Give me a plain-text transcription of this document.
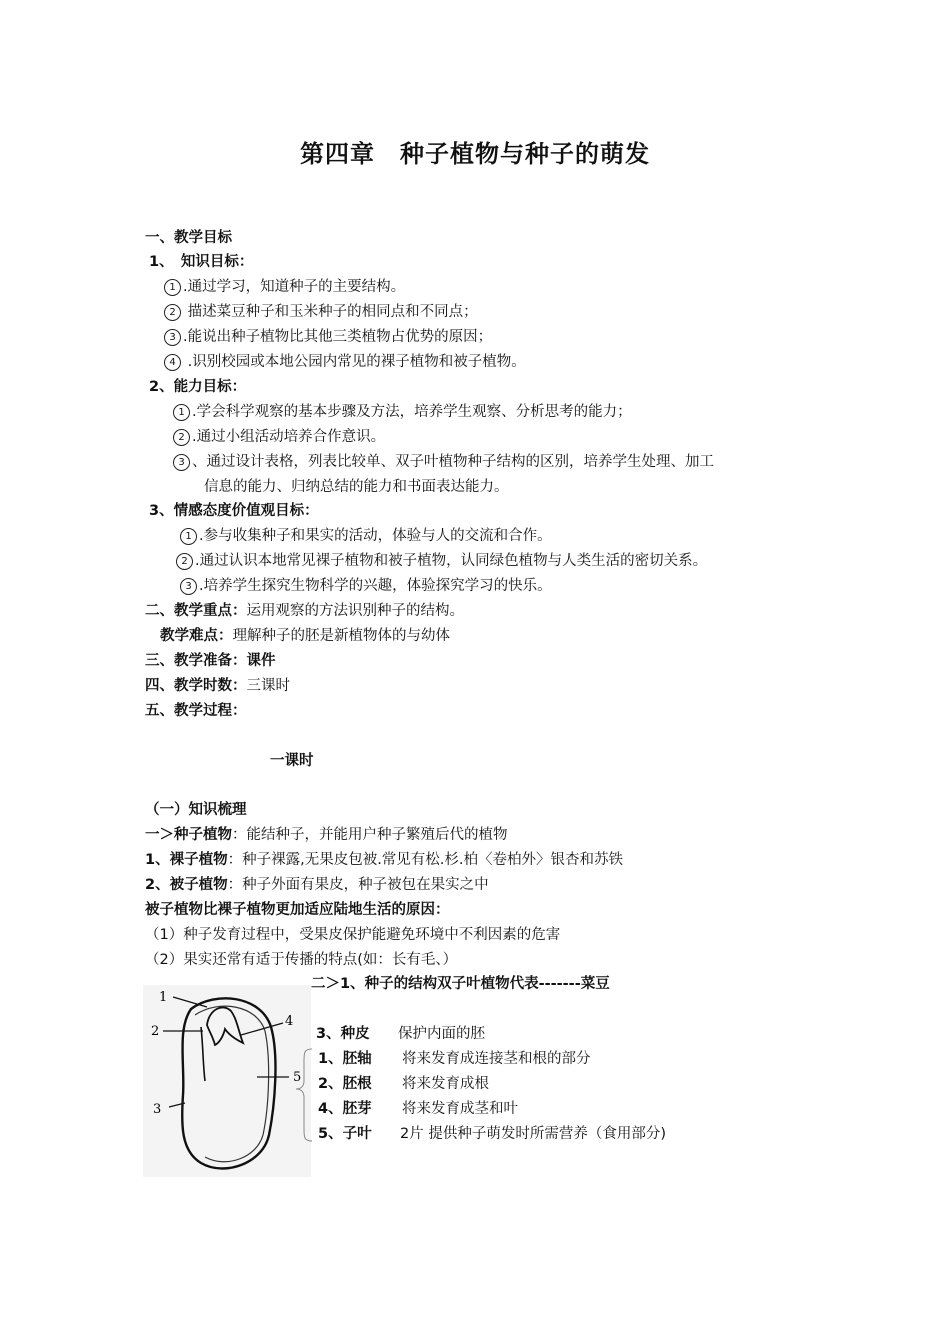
第四章　种子植物与种子的萌发
一、教学目标
1、　知识目标：
1 .通过学习，知道种子的主要结构。
2 描述菜豆种子和玉米种子的相同点和不同点；
3 .能说出种子植物比其他三类植物占优势的原因；
4 .识别校园或本地公园内常见的裸子植物和被子植物。
2、能力目标：
1 .学会科学观察的基本步骤及方法，培养学生观察、分析思考的能力；
2 .通过小组活动培养合作意识。
3 、通过设计表格，列表比较单、双子叶植物种子结构的区别，培养学生处理、加工
信息的能力、归纳总结的能力和书面表达能力。
3、情感态度价值观目标：
1 .参与收集种子和果实的活动，体验与人的交流和合作。
2 .通过认识本地常见裸子植物和被子植物，认同绿色植物与人类生活的密切关系。
3 .培养学生探究生物科学的兴趣，体验探究学习的快乐。
二、教学重点：运用观察的方法识别种子的结构。
教学难点：理解种子的胚是新植物体的与幼体
三、教学准备：课件
四、教学时数：三课时
五、教学过程：
一课时
（一）知识梳理
一＞种子植物：能结种子，并能用户种子繁殖后代的植物
1、裸子植物：种子裸露,无果皮包被.常见有松.杉.柏〈卷柏外〉银杏和苏铁
2、被子植物：种子外面有果皮，种子被包在果实之中
被子植物比裸子植物更加适应陆地生活的原因：
（1）种子发育过程中，受果皮保护能避免环境中不利因素的危害
（2）果实还常有适于传播的特点(如：长有毛、）
二＞1、种子的结构双子叶植物代表-------菜豆
1
2
3
4
5
3、种皮 保护内面的胚
1、胚轴 将来发育成连接茎和根的部分
2、胚根 将来发育成根
4、胚芽 将来发育成茎和叶
5、子叶 2片 提供种子萌发时所需营养（食用部分)
